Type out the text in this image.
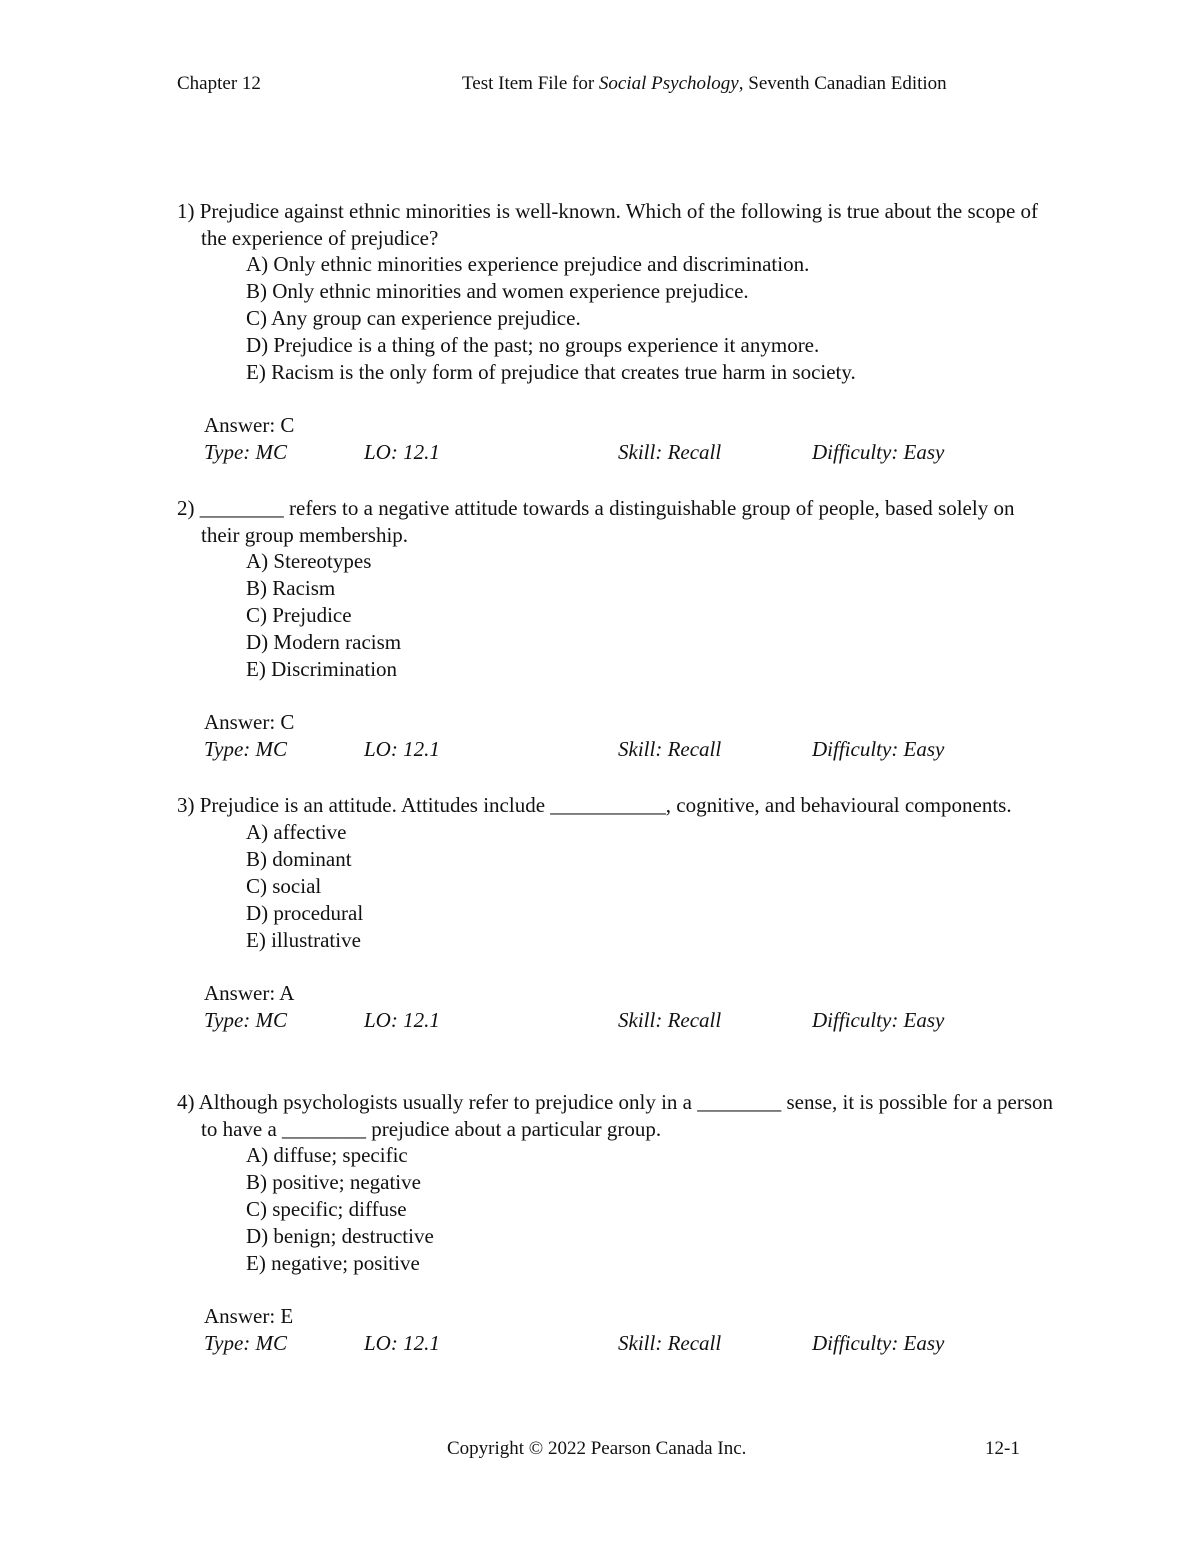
Chapter 12	Test Item File for Social Psychology, Seventh Canadian Edition

1) Prejudice against ethnic minorities is well-known. Which of the following is true about the scope of the experience of prejudice?

A) Only ethnic minorities experience prejudice and discrimination.
B) Only ethnic minorities and women experience prejudice.
C) Any group can experience prejudice.
D) Prejudice is a thing of the past; no groups experience it anymore.
E) Racism is the only form of prejudice that creates true harm in society.
Answer: C
Type: MC	LO: 12.1	Skill: Recall	Difficulty: Easy

2) ________ refers to a negative attitude towards a distinguishable group of people, based solely on their group membership.

A) Stereotypes
B) Racism
C) Prejudice
D) Modern racism
E) Discrimination
Answer: C
Type: MC	LO: 12.1	Skill: Recall	Difficulty: Easy

3) Prejudice is an attitude. Attitudes include ___________, cognitive, and behavioural components.

A) affective
B) dominant
C) social
D) procedural
E) illustrative
Answer: A
Type: MC	LO: 12.1	Skill: Recall	Difficulty: Easy

4) Although psychologists usually refer to prejudice only in a ________ sense, it is possible for a person to have a ________ prejudice about a particular group.

A) diffuse; specific
B) positive; negative
C) specific; diffuse
D) benign; destructive
E) negative; positive
Answer: E
Type: MC	LO: 12.1	Skill: Recall	Difficulty: Easy
Copyright © 2022 Pearson Canada Inc.	12-1
